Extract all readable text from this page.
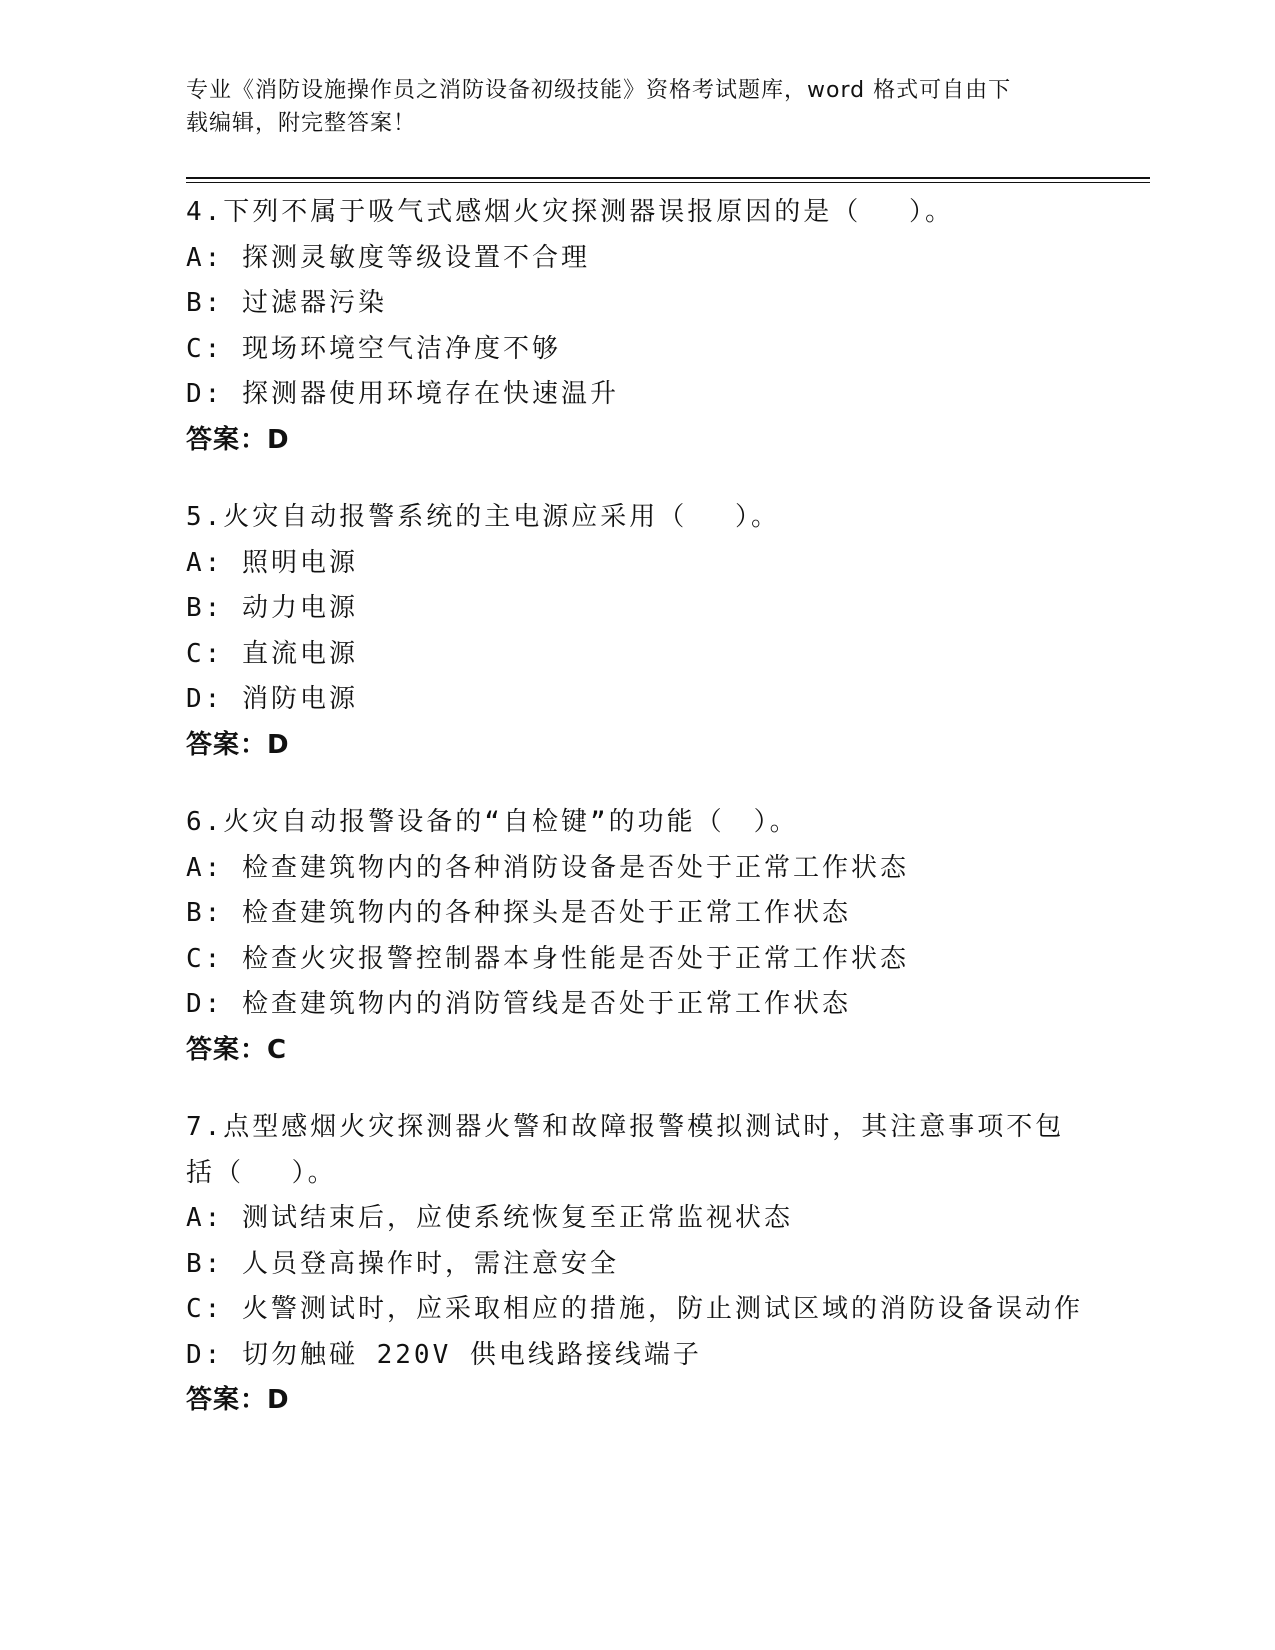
专业《消防设施操作员之消防设备初级技能》资格考试题库，word 格式可自由下
载编辑，附完整答案！

4.下列不属于吸气式感烟火灾探测器误报原因的是（　 ）。

A: 探测灵敏度等级设置不合理

B: 过滤器污染

C: 现场环境空气洁净度不够

D: 探测器使用环境存在快速温升

答案：D

5.火灾自动报警系统的主电源应采用（　 ）。

A: 照明电源

B: 动力电源

C: 直流电源

D: 消防电源

答案：D

6.火灾自动报警设备的“自检键”的功能（　）。

A: 检查建筑物内的各种消防设备是否处于正常工作状态

B: 检查建筑物内的各种探头是否处于正常工作状态

C: 检查火灾报警控制器本身性能是否处于正常工作状态

D: 检查建筑物内的消防管线是否处于正常工作状态

答案：C

7.点型感烟火灾探测器火警和故障报警模拟测试时，其注意事项不包括（　 ）。

A: 测试结束后，应使系统恢复至正常监视状态

B: 人员登高操作时，需注意安全

C: 火警测试时，应采取相应的措施，防止测试区域的消防设备误动作

D: 切勿触碰 220V 供电线路接线端子

答案：D
